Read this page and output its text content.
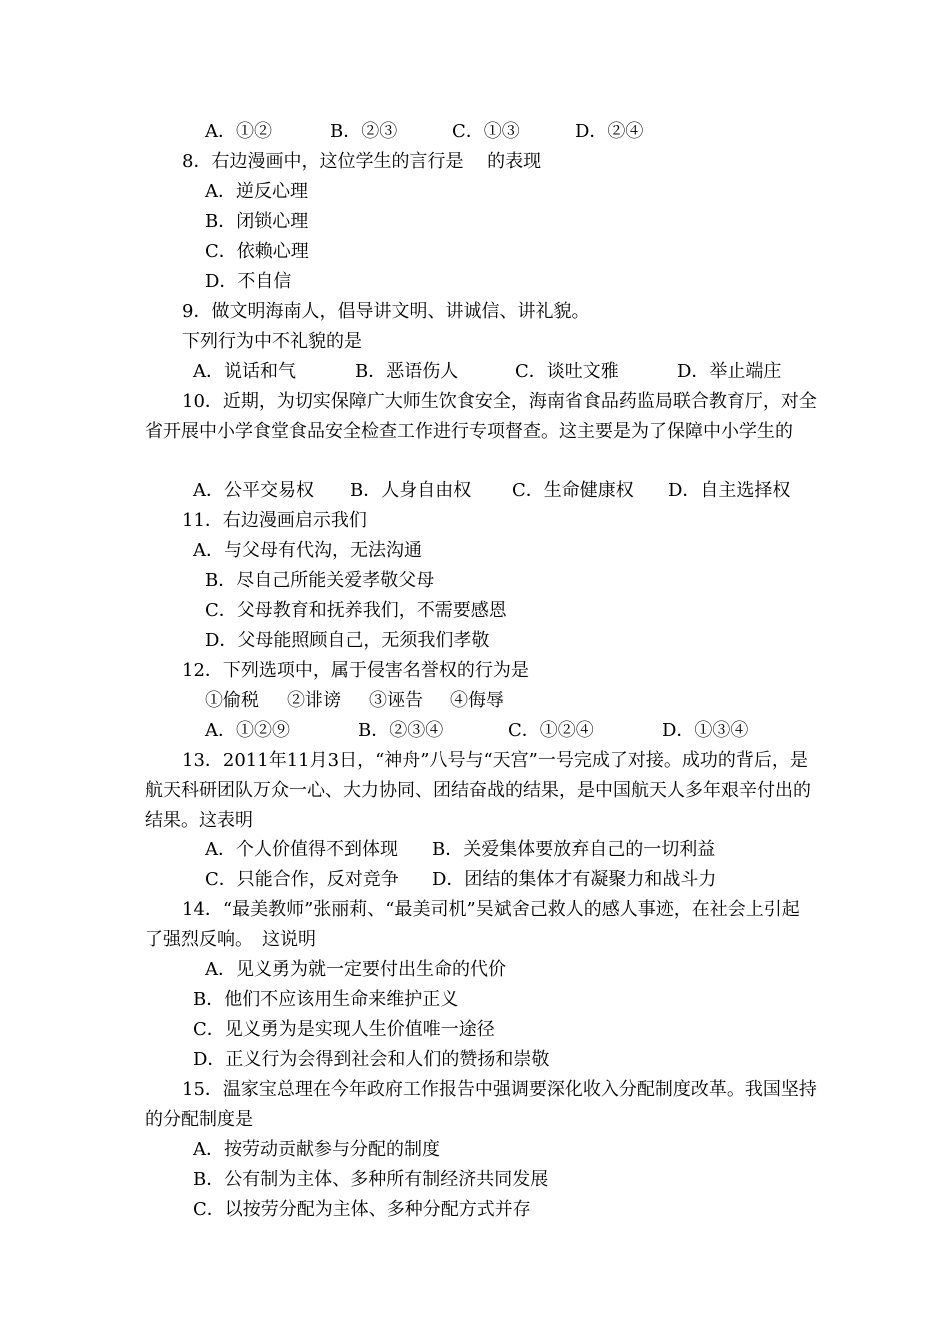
A．①②	B．②③	C．①③	D．②④
8．右边漫画中，这位学生的言行是 　的表现
A．逆反心理
B．闭锁心理
C．依赖心理
D．不自信
9．做文明海南人，倡导讲文明、讲诚信、讲礼貌。
下列行为中不礼貌的是
A．说话和气	B．恶语伤人	C．谈吐文雅	D．举止端庄
10．近期，为切实保障广大师生饮食安全，海南省食品药监局联合教育厅，对全省开展中小学食堂食品安全检查工作进行专项督查。这主要是为了保障中小学生的
A．公平交易权 B．人身自由权 C．生命健康权 D．自主选择权
11．右边漫画启示我们
A．与父母有代沟，无法沟通
B．尽自己所能关爱孝敬父母
C．父母教育和抚养我们，不需要感恩
D．父母能照顾自己，无须我们孝敬
12．下列选项中，属于侵害名誉权的行为是
①偷税 ②诽谤 ③诬告 ④侮辱
A．①②⑨	B．②③④	C．①②④	D．①③④
13．2011年11月3日，“神舟”八号与“天宫”一号完成了对接。成功的背后，是航天科研团队万众一心、大力协同、团结奋战的结果，是中国航天人多年艰辛付出的结果。这表明
A．个人价值得不到体现 B．关爱集体要放弃自己的一切利益
C．只能合作，反对竞争 D．团结的集体才有凝聚力和战斗力
14．“最美教师”张丽莉、“最美司机”吴斌舍己救人的感人事迹，在社会上引起了强烈反响。　这说明
A．见义勇为就一定要付出生命的代价
B．他们不应该用生命来维护正义
C．见义勇为是实现人生价值唯一途径
D．正义行为会得到社会和人们的赞扬和崇敬
15．温家宝总理在今年政府工作报告中强调要深化收入分配制度改革。我国坚持的分配制度是
A．按劳动贡献参与分配的制度
B．公有制为主体、多种所有制经济共同发展
C．以按劳分配为主体、多种分配方式并存
